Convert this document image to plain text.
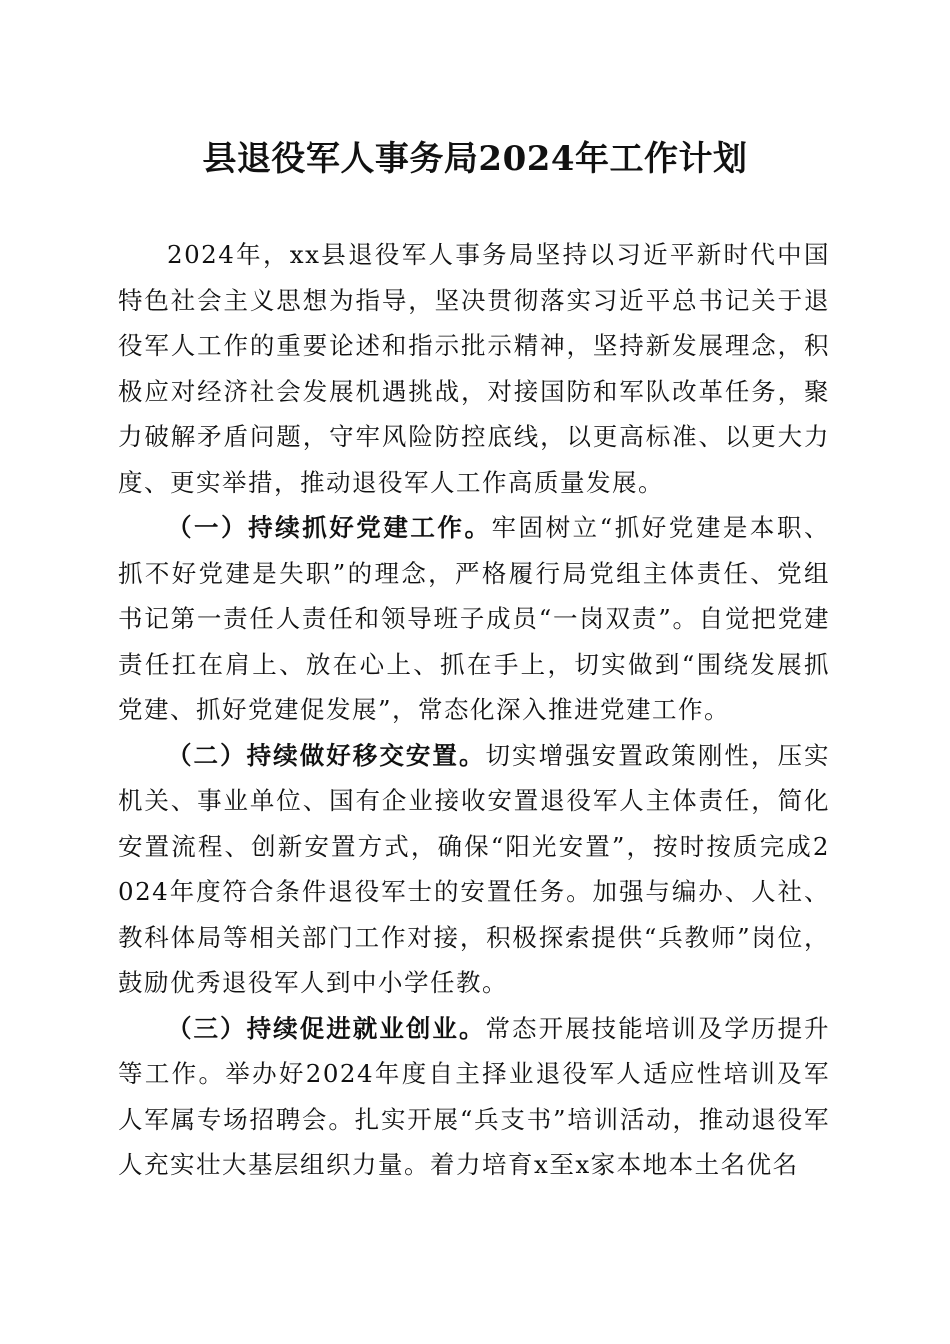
县退役军人事务局2024年工作计划

2024年，xx县退役军人事务局坚持以习近平新时代中国特色社会主义思想为指导，坚决贯彻落实习近平总书记关于退役军人工作的重要论述和指示批示精神，坚持新发展理念，积极应对经济社会发展机遇挑战，对接国防和军队改革任务，聚力破解矛盾问题，守牢风险防控底线，以更高标准、以更大力度、更实举措，推动退役军人工作高质量发展。

（一）持续抓好党建工作。牢固树立“抓好党建是本职、抓不好党建是失职”的理念，严格履行局党组主体责任、党组书记第一责任人责任和领导班子成员“一岗双责”。自觉把党建责任扛在肩上、放在心上、抓在手上，切实做到“围绕发展抓党建、抓好党建促发展”，常态化深入推进党建工作。

（二）持续做好移交安置。切实增强安置政策刚性，压实机关、事业单位、国有企业接收安置退役军人主体责任，简化安置流程、创新安置方式，确保“阳光安置”，按时按质完成2024年度符合条件退役军士的安置任务。加强与编办、人社、教科体局等相关部门工作对接，积极探索提供“兵教师”岗位，鼓励优秀退役军人到中小学任教。

（三）持续促进就业创业。常态开展技能培训及学历提升等工作。举办好2024年度自主择业退役军人适应性培训及军人军属专场招聘会。扎实开展“兵支书”培训活动，推动退役军人充实壮大基层组织力量。着力培育x至x家本地本土名优名
